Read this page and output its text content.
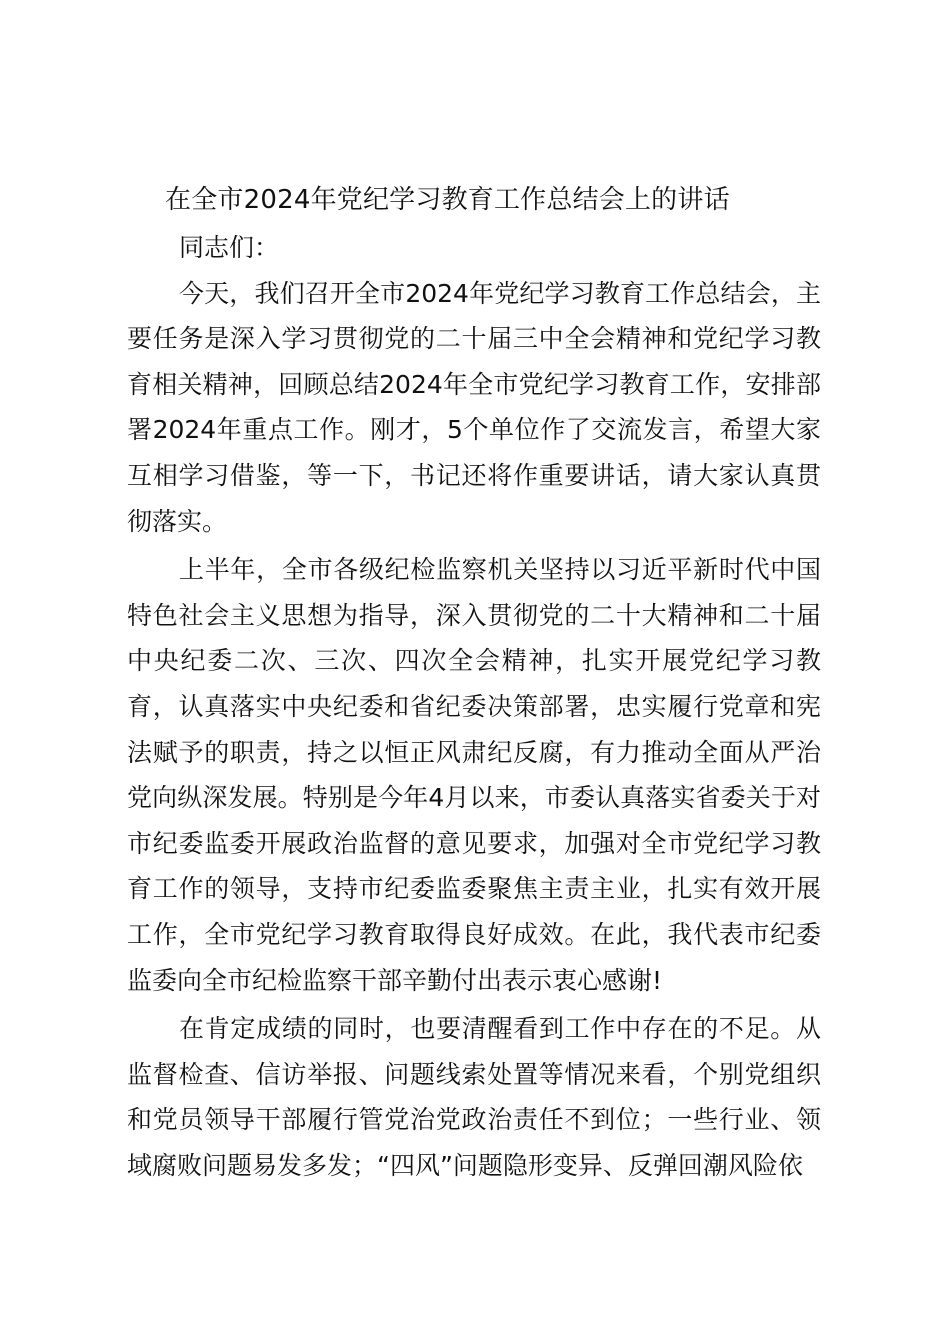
在全市2024年党纪学习教育工作总结会上的讲话

同志们：

今天，我们召开全市2024年党纪学习教育工作总结会，主要任务是深入学习贯彻党的二十届三中全会精神和党纪学习教育相关精神，回顾总结2024年全市党纪学习教育工作，安排部署2024年重点工作。刚才，5个单位作了交流发言，希望大家互相学习借鉴，等一下，书记还将作重要讲话，请大家认真贯彻落实。

上半年，全市各级纪检监察机关坚持以习近平新时代中国特色社会主义思想为指导，深入贯彻党的二十大精神和二十届中央纪委二次、三次、四次全会精神，扎实开展党纪学习教育，认真落实中央纪委和省纪委决策部署，忠实履行党章和宪法赋予的职责，持之以恒正风肃纪反腐，有力推动全面从严治党向纵深发展。特别是今年4月以来，市委认真落实省委关于对市纪委监委开展政治监督的意见要求，加强对全市党纪学习教育工作的领导，支持市纪委监委聚焦主责主业，扎实有效开展工作，全市党纪学习教育取得良好成效。在此，我代表市纪委监委向全市纪检监察干部辛勤付出表示衷心感谢!

在肯定成绩的同时，也要清醒看到工作中存在的不足。从监督检查、信访举报、问题线索处置等情况来看，个别党组织和党员领导干部履行管党治党政治责任不到位；一些行业、领域腐败问题易发多发；“四风”问题隐形变异、反弹回潮风险依
